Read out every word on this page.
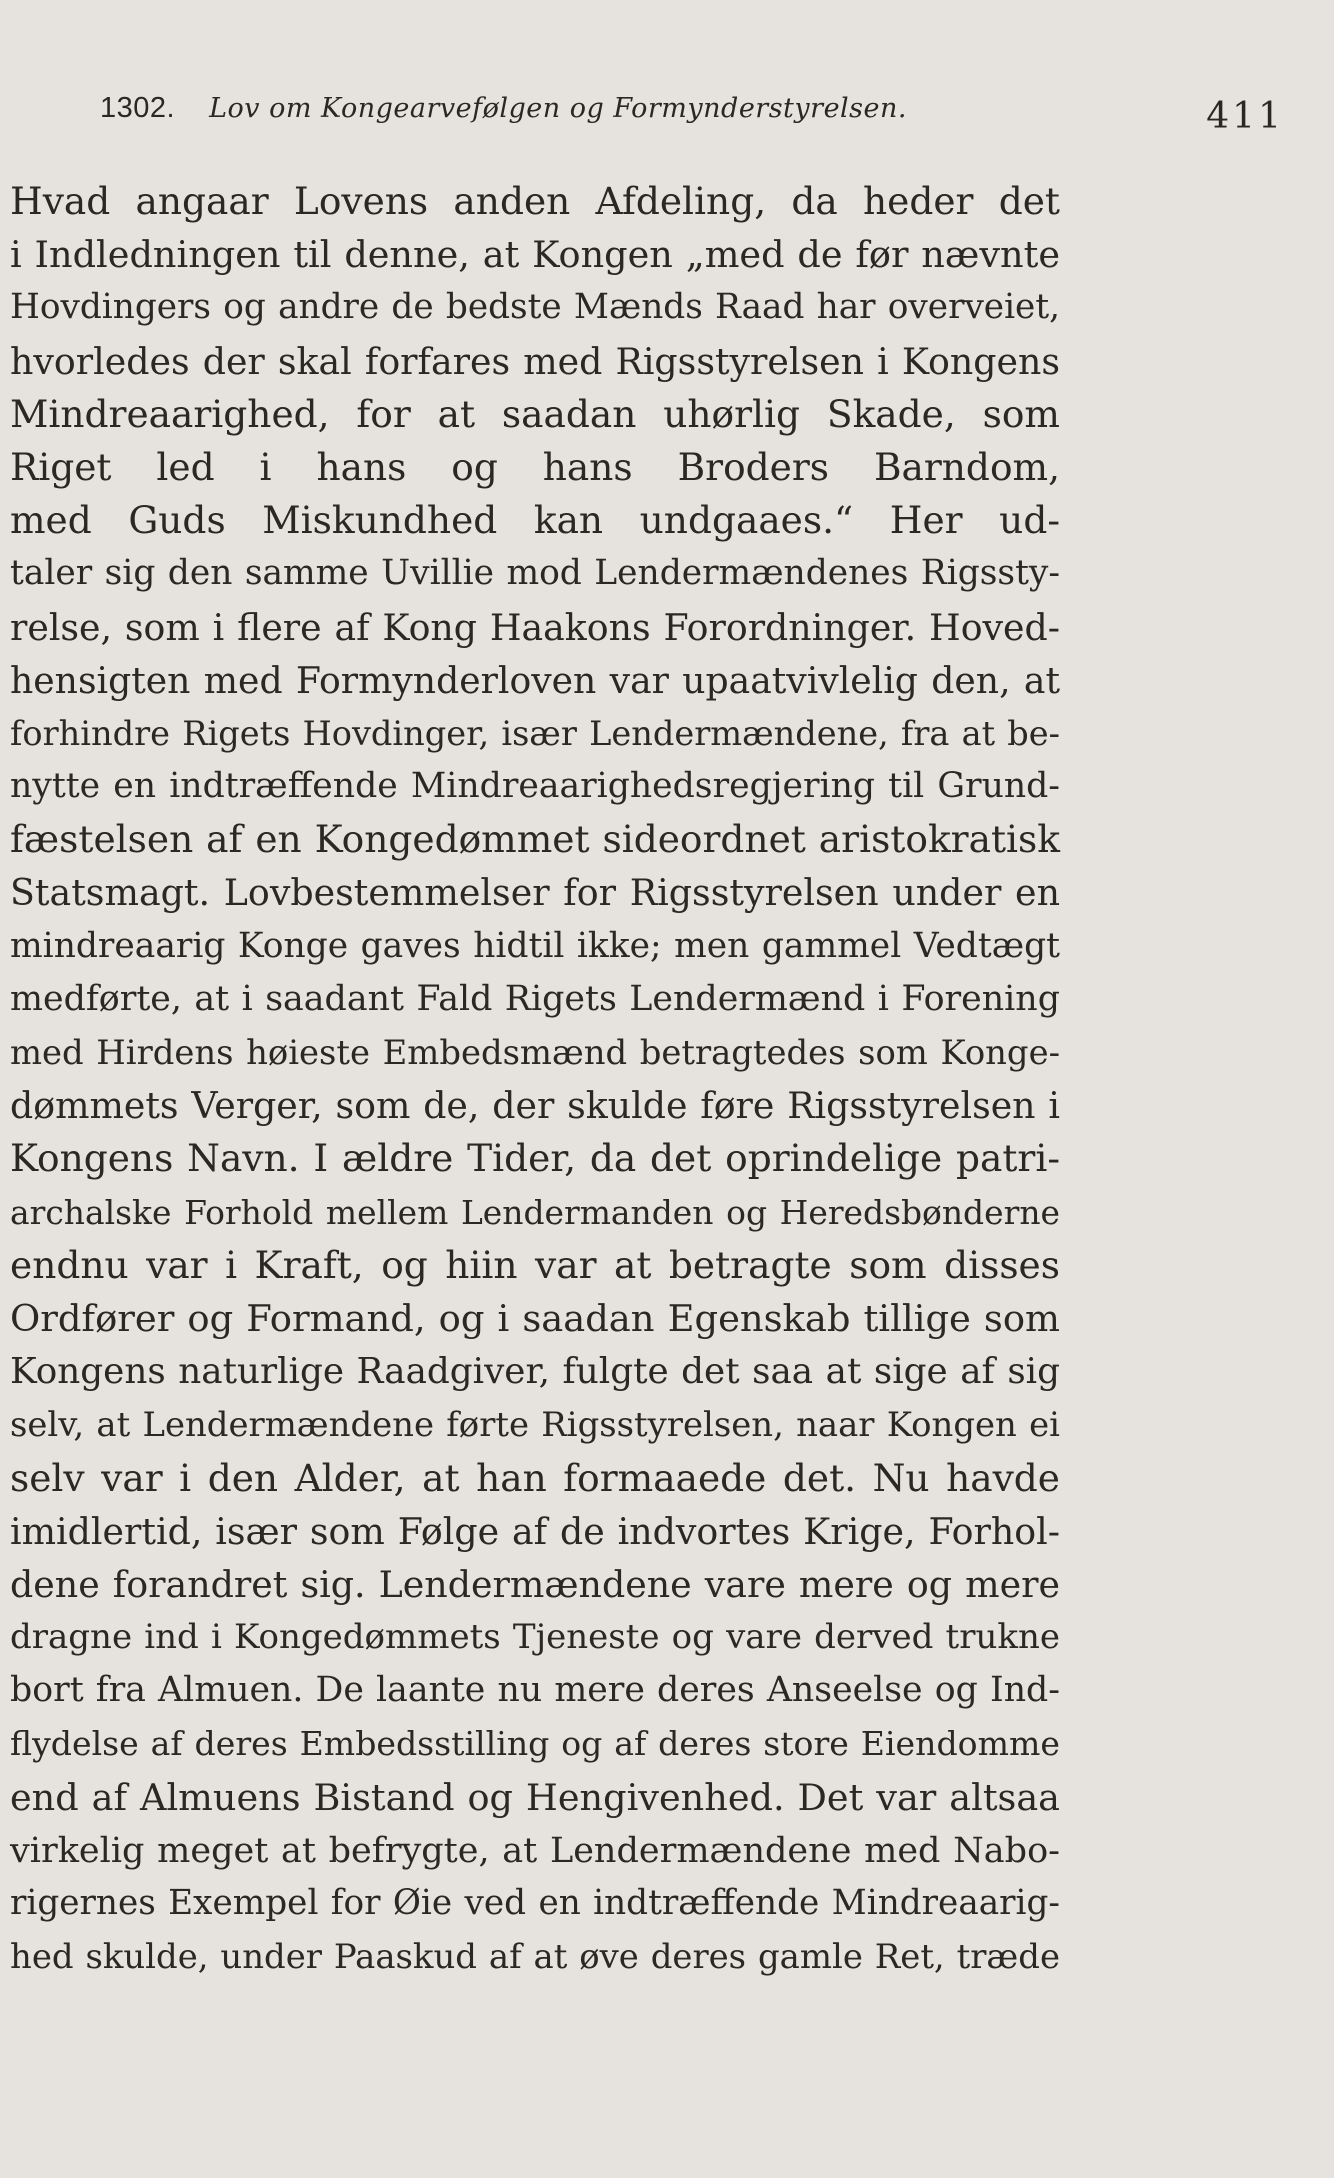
1302. Lov om Kongearvefølgen og Formynderstyrelsen.	411
Hvad angaar Lovens anden Afdeling, da heder det
i Indledningen til denne, at Kongen „med de før nævnte
Hovdingers og andre de bedste Mænds Raad har overveiet,
hvorledes der skal forfares med Rigsstyrelsen i Kongens
Mindreaarighed, for at saadan uhørlig Skade, som
Riget led i hans og hans Broders Barndom,
med Guds Miskundhed kan undgaaes.“ Her ud-
taler sig den samme Uvillie mod Lendermændenes Rigssty-
relse, som i flere af Kong Haakons Forordninger. Hoved-
hensigten med Formynderloven var upaatvivlelig den, at
forhindre Rigets Hovdinger, især Lendermændene, fra at be-
nytte en indtræffende Mindreaarighedsregjering til Grund-
fæstelsen af en Kongedømmet sideordnet aristokratisk
Statsmagt. Lovbestemmelser for Rigsstyrelsen under en
mindreaarig Konge gaves hidtil ikke; men gammel Vedtægt
medførte, at i saadant Fald Rigets Lendermænd i Forening
med Hirdens høieste Embedsmænd betragtedes som Konge-
dømmets Verger, som de, der skulde føre Rigsstyrelsen i
Kongens Navn. I ældre Tider, da det oprindelige patri-
archalske Forhold mellem Lendermanden og Heredsbønderne
endnu var i Kraft, og hiin var at betragte som disses
Ordfører og Formand, og i saadan Egenskab tillige som
Kongens naturlige Raadgiver, fulgte det saa at sige af sig
selv, at Lendermændene førte Rigsstyrelsen, naar Kongen ei
selv var i den Alder, at han formaaede det. Nu havde
imidlertid, især som Følge af de indvortes Krige, Forhol-
dene forandret sig. Lendermændene vare mere og mere
dragne ind i Kongedømmets Tjeneste og vare derved trukne
bort fra Almuen. De laante nu mere deres Anseelse og Ind-
flydelse af deres Embedsstilling og af deres store Eiendomme
end af Almuens Bistand og Hengivenhed. Det var altsaa
virkelig meget at befrygte, at Lendermændene med Nabo-
rigernes Exempel for Øie ved en indtræffende Mindreaarig-
hed skulde, under Paaskud af at øve deres gamle Ret, træde
